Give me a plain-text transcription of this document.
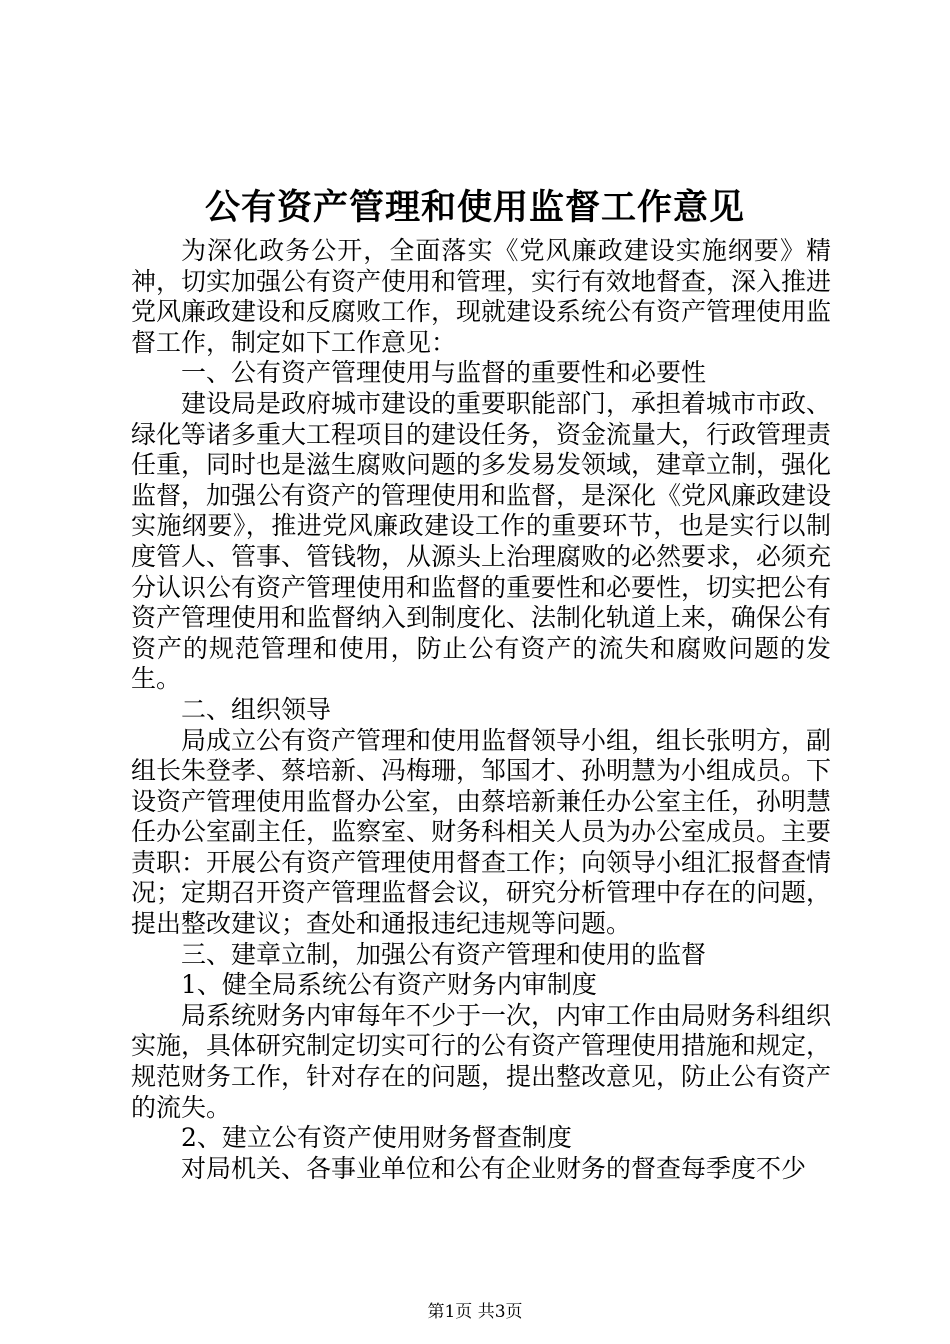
公有资产管理和使用监督工作意见

为深化政务公开，全面落实《党风廉政建设实施纲要》精神，切实加强公有资产使用和管理，实行有效地督查，深入推进党风廉政建设和反腐败工作，现就建设系统公有资产管理使用监督工作，制定如下工作意见：

一、公有资产管理使用与监督的重要性和必要性

建设局是政府城市建设的重要职能部门，承担着城市市政、绿化等诸多重大工程项目的建设任务，资金流量大，行政管理责任重，同时也是滋生腐败问题的多发易发领域，建章立制，强化监督，加强公有资产的管理使用和监督，是深化《党风廉政建设实施纲要》，推进党风廉政建设工作的重要环节，也是实行以制度管人、管事、管钱物，从源头上治理腐败的必然要求，必须充分认识公有资产管理使用和监督的重要性和必要性，切实把公有资产管理使用和监督纳入到制度化、法制化轨道上来，确保公有资产的规范管理和使用，防止公有资产的流失和腐败问题的发生。

二、组织领导

局成立公有资产管理和使用监督领导小组，组长张明方，副组长朱登孝、蔡培新、冯梅珊，邹国才、孙明慧为小组成员。下设资产管理使用监督办公室，由蔡培新兼任办公室主任，孙明慧任办公室副主任，监察室、财务科相关人员为办公室成员。主要责职：开展公有资产管理使用督查工作；向领导小组汇报督查情况；定期召开资产管理监督会议，研究分析管理中存在的问题，提出整改建议；查处和通报违纪违规等问题。

三、建章立制，加强公有资产管理和使用的监督

1、健全局系统公有资产财务内审制度

局系统财务内审每年不少于一次，内审工作由局财务科组织实施，具体研究制定切实可行的公有资产管理使用措施和规定，规范财务工作，针对存在的问题，提出整改意见，防止公有资产的流失。

2、建立公有资产使用财务督查制度

对局机关、各事业单位和公有企业财务的督查每季度不少

第1页 共3页
